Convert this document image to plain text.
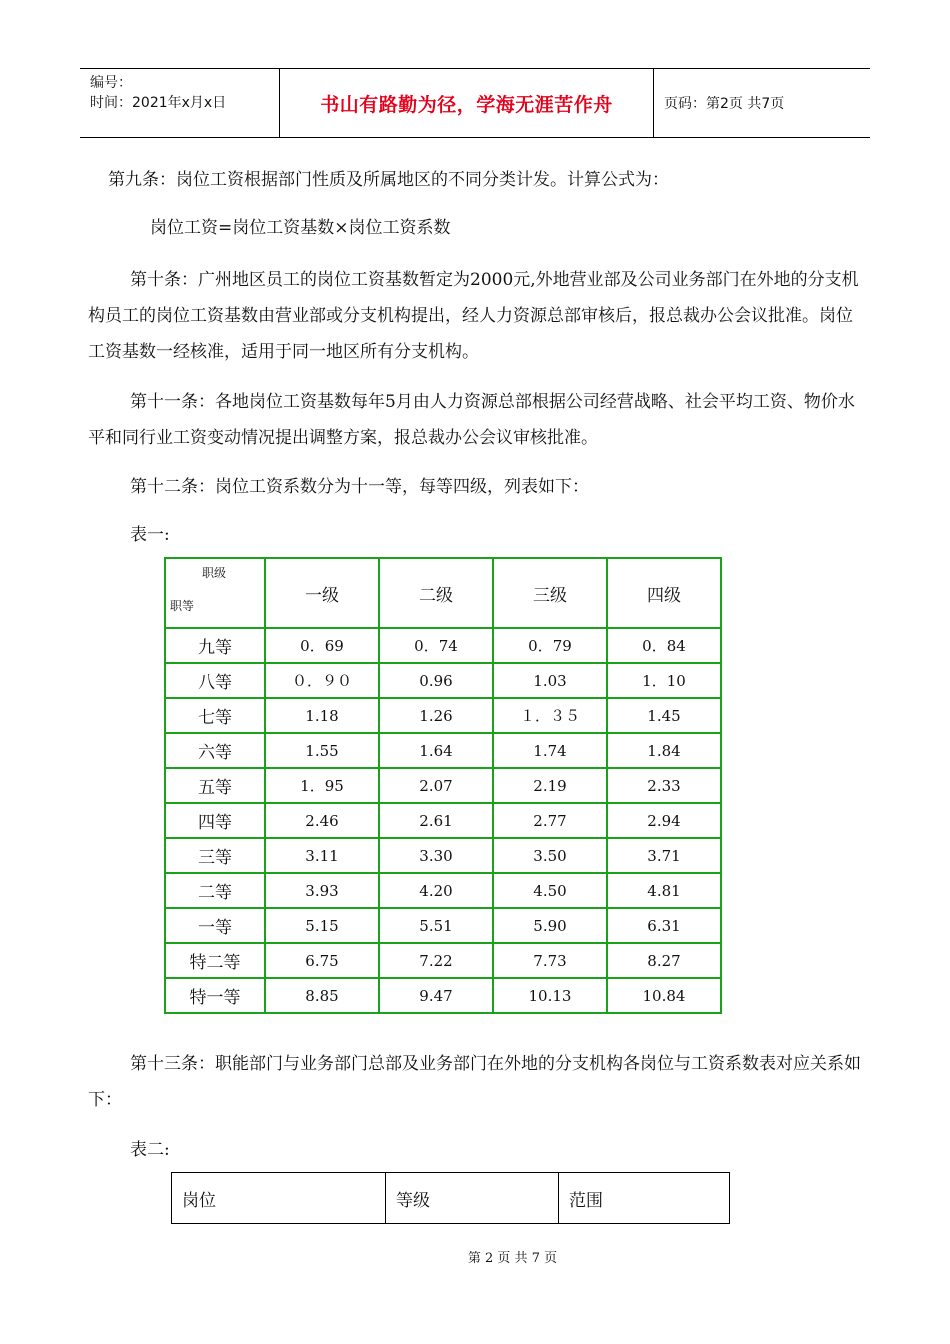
编号：
时间：2021年x月x日	书山有路勤为径，学海无涯苦作舟	页码：第2页 共7页
第九条：岗位工资根据部门性质及所属地区的不同分类计发。计算公式为：
岗位工资=岗位工资基数×岗位工资系数
第十条：广州地区员工的岗位工资基数暂定为2000元,外地营业部及公司业务部门在外地的分支机构员工的岗位工资基数由营业部或分支机构提出，经人力资源总部审核后，报总裁办公会议批准。岗位工资基数一经核准，适用于同一地区所有分支机构。
第十一条：各地岗位工资基数每年5月由人力资源总部根据公司经营战略、社会平均工资、物价水平和同行业工资变动情况提出调整方案，报总裁办公会议审核批准。
第十二条：岗位工资系数分为十一等，每等四级，列表如下：
表一:
职级
职等	一级	二级	三级	四级
九等	0．69	0．74	0．79	0．84
八等	０．９０	0.96	1.03	1．10
七等	1.18	1.26	１．３５	1.45
六等	1.55	1.64	1.74	1.84
五等	1．95	2.07	2.19	2.33
四等	2.46	2.61	2.77	2.94
三等	3.11	3.30	3.50	3.71
二等	3.93	4.20	4.50	4.81
一等	5.15	5.51	5.90	6.31
特二等	6.75	7.22	7.73	8.27
特一等	8.85	9.47	10.13	10.84
第十三条：职能部门与业务部门总部及业务部门在外地的分支机构各岗位与工资系数表对应关系如下：
表二:
岗位	等级	范围
第 2 页 共 7 页
